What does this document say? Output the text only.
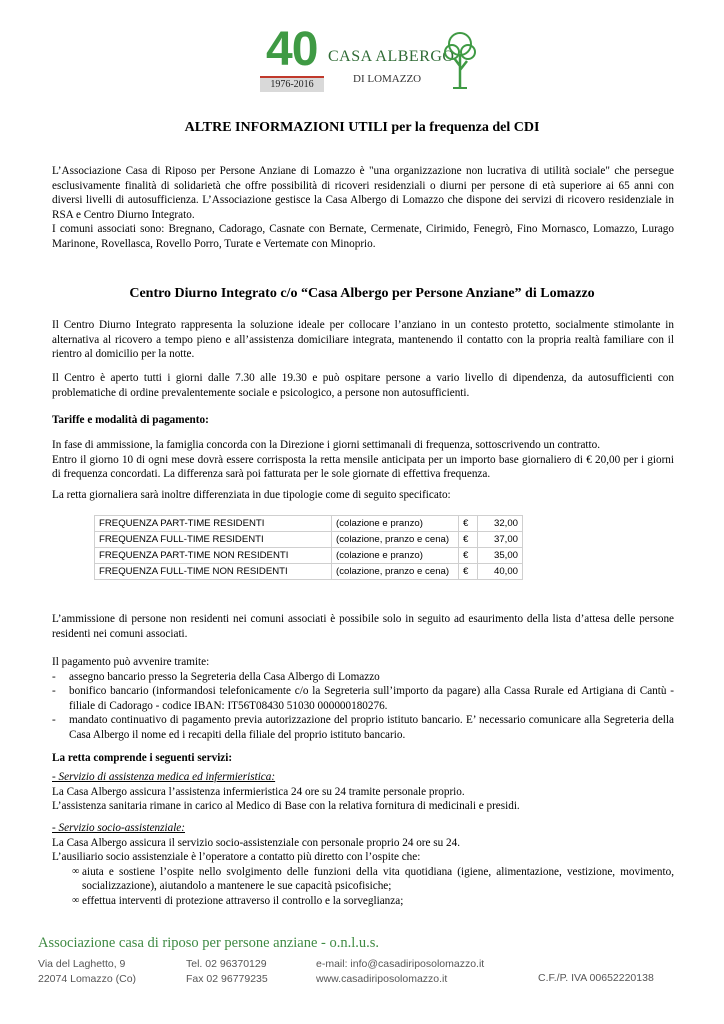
40
1976-2016
CASA ALBERGO
DI LOMAZZO
ALTRE INFORMAZIONI UTILI per la frequenza del CDI

L’Associazione Casa di Riposo per Persone Anziane di Lomazzo è "una organizzazione non lucrativa di utilità sociale" che persegue esclusivamente finalità di solidarietà che offre possibilità di ricoveri residenziali o diurni per persone di età superiore ai 65 anni con diversi livelli di autosufficienza. L’Associazione gestisce la Casa Albergo di Lomazzo che dispone dei servizi di ricovero residenziale in RSA e Centro Diurno Integrato.
I comuni associati sono: Bregnano, Cadorago, Casnate con Bernate, Cermenate, Cirimido, Fenegrò, Fino Mornasco, Lomazzo, Lurago Marinone, Rovellasca, Rovello Porro, Turate e Vertemate con Minoprio.

Centro Diurno Integrato c/o “Casa Albergo per Persone Anziane” di Lomazzo

Il Centro Diurno Integrato rappresenta la soluzione ideale per collocare l’anziano in un contesto protetto, socialmente stimolante in alternativa al ricovero a tempo pieno e all’assistenza domiciliare integrata, mantenendo il contatto con la propria realtà familiare con il rientro al domicilio per la notte.

Il Centro è aperto tutti i giorni dalle 7.30 alle 19.30 e può ospitare persone a vario livello di dipendenza, da autosufficienti con problematiche di ordine prevalentemente sociale e psicologico, a persone non autosufficienti.

Tariffe e modalità di pagamento:

In fase di ammissione, la famiglia concorda con la Direzione i giorni settimanali di frequenza, sottoscrivendo un contratto.
Entro il giorno 10 di ogni mese dovrà essere corrisposta la retta mensile anticipata per un importo base giornaliero di € 20,00 per i giorni di frequenza concordati. La differenza sarà poi fatturata per le sole giornate di effettiva frequenza.

La retta giornaliera sarà inoltre differenziata in due tipologie come di seguito specificato:

FREQUENZA PART-TIME RESIDENTI	(colazione e pranzo)	€	32,00
FREQUENZA FULL-TIME RESIDENTI	(colazione, pranzo e cena)	€	37,00
FREQUENZA PART-TIME NON RESIDENTI	(colazione e pranzo)	€	35,00
FREQUENZA FULL-TIME NON RESIDENTI	(colazione, pranzo e cena)	€	40,00

L’ammissione di persone non residenti nei comuni associati è possibile solo in seguito ad esaurimento della lista d’attesa delle persone residenti nei comuni associati.

Il pagamento può avvenire tramite:
- assegno bancario presso la Segreteria della Casa Albergo di Lomazzo
- bonifico bancario (informandosi telefonicamente c/o la Segreteria sull’importo da pagare) alla Cassa Rurale ed Artigiana di Cantù - filiale di Cadorago - codice IBAN: IT56T08430 51030 000000180276.
- mandato continuativo di pagamento previa autorizzazione del proprio istituto bancario. E’ necessario comunicare alla Segreteria della Casa Albergo il nome ed i recapiti della filiale del proprio istituto bancario.

La retta comprende i seguenti servizi:

- Servizio di assistenza medica ed infermieristica:
La Casa Albergo assicura l’assistenza infermieristica 24 ore su 24 tramite personale proprio.
L’assistenza sanitaria rimane in carico al Medico di Base con la relativa fornitura di medicinali e presidi.
- Servizio socio-assistenziale:
La Casa Albergo assicura il servizio socio-assistenziale con personale proprio 24 ore su 24.
L’ausiliario socio assistenziale è l’operatore a contatto più diretto con l’ospite che:
∞ aiuta e sostiene l’ospite nello svolgimento delle funzioni della vita quotidiana (igiene, alimentazione, vestizione, movimento, socializzazione), aiutandolo a mantenere le sue capacità psicofisiche;
∞ effettua interventi di protezione attraverso il controllo e la sorveglianza;
Associazione casa di riposo per persone anziane - o.n.l.u.s.
Via del Laghetto, 9
22074 Lomazzo (Co)
Tel. 02 96370129
Fax 02 96779235
e-mail: info@casadiriposolomazzo.it
www.casadiriposolomazzo.it	C.F./P. IVA 00652220138
